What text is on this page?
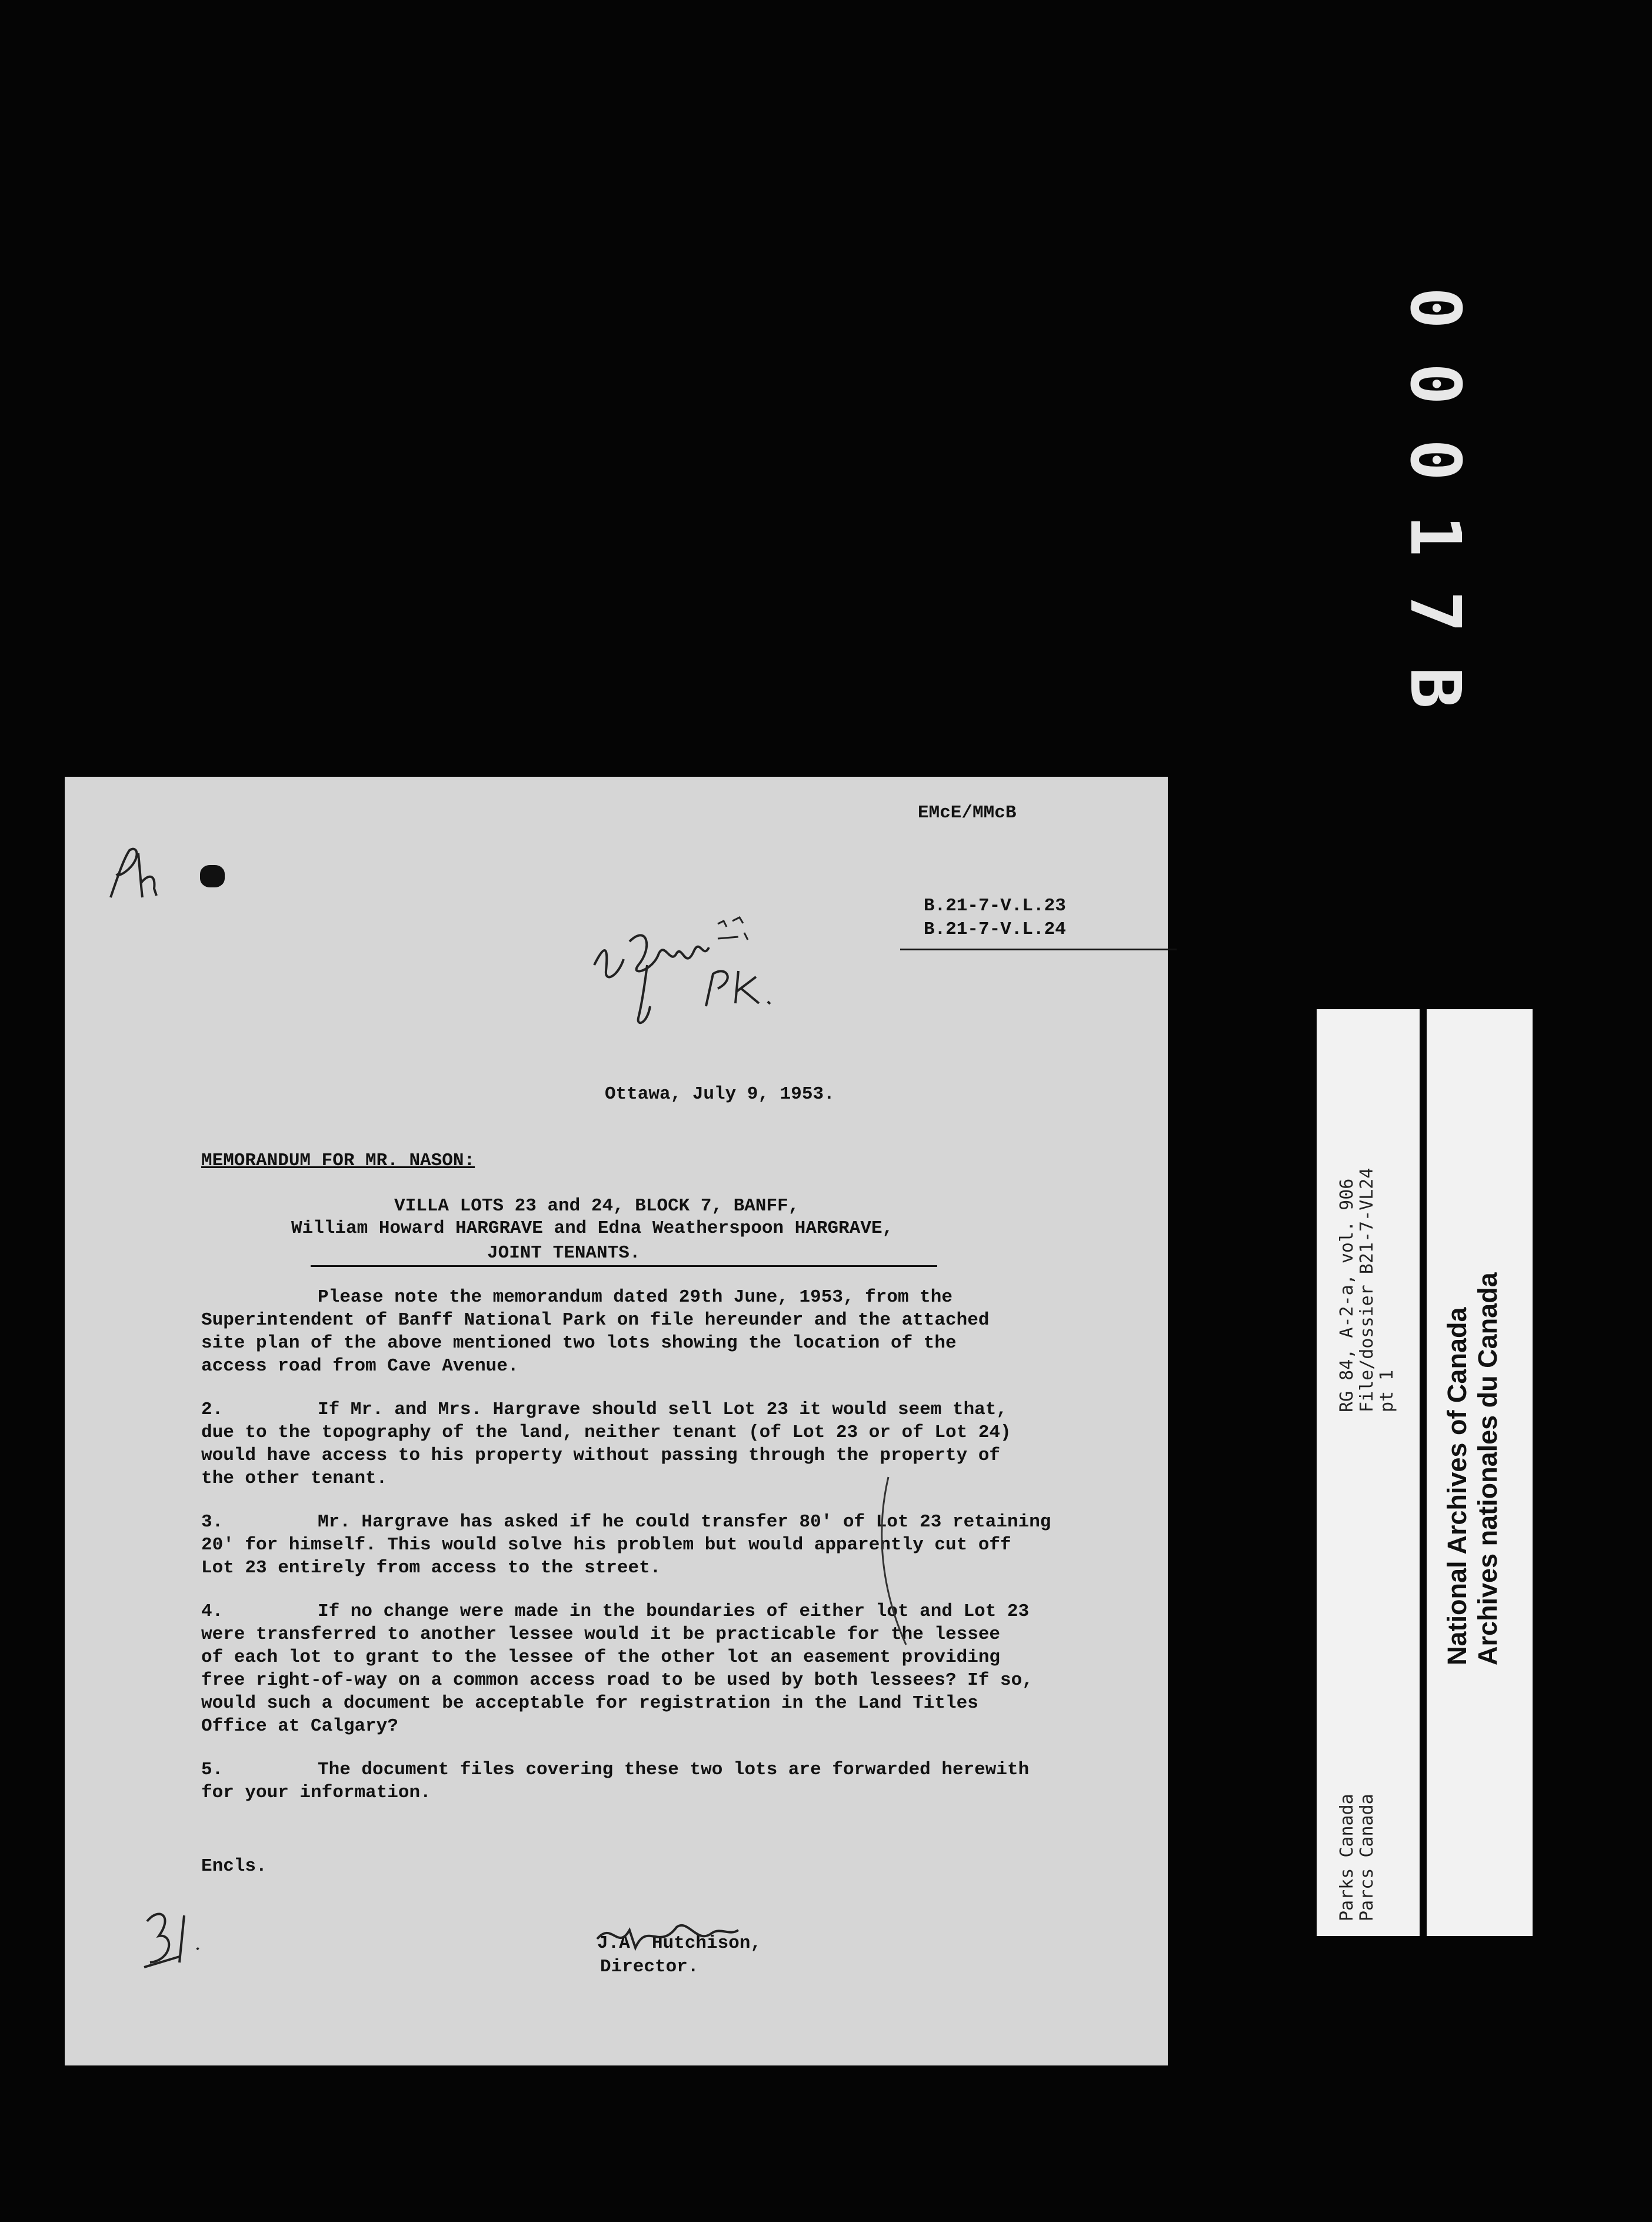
00017B
EMcE/MMcB
B.21-7-V.L.23
B.21-7-V.L.24
Ottawa, July 9, 1953.
MEMORANDUM FOR MR. NASON:
VILLA LOTS 23 and 24, BLOCK 7, BANFF,
William Howard HARGRAVE and Edna Weatherspoon HARGRAVE,
JOINT TENANTS.
Please note the memorandum dated 29th June, 1953, from the
Superintendent of Banff National Park on file hereunder and the attached
site plan of the above mentioned two lots showing the location of the
access road from Cave Avenue.
2.	If Mr. and Mrs. Hargrave should sell Lot 23 it would seem that,
due to the topography of the land, neither tenant (of Lot 23 or of Lot 24)
would have access to his property without passing through the property of
the other tenant.
3.	Mr. Hargrave has asked if he could transfer 80' of Lot 23 retaining
20' for himself. This would solve his problem but would apparently cut off
Lot 23 entirely from access to the street.
4.	If no change were made in the boundaries of either lot and Lot 23
were transferred to another lessee would it be practicable for the lessee
of each lot to grant to the lessee of the other lot an easement providing
free right-of-way on a common access road to be used by both lessees? If so,
would such a document be acceptable for registration in the Land Titles
Office at Calgary?
5.	The document files covering these two lots are forwarded herewith
for your information.
Encls.
J.A. Hutchison,
Director.
RG 84, A-2-a, vol. 906 File/dossier B21-7-VL24 pt 1
Parks Canada Parcs Canada
National Archives of Canada Archives nationales du Canada
